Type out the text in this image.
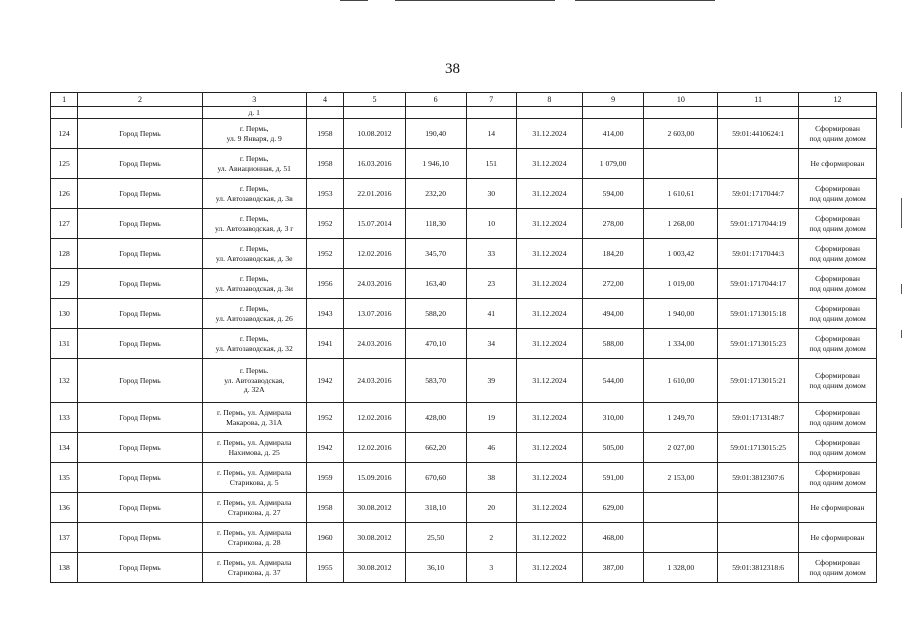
38
1	2	3	4	5	6	7	8	9	10	11	12

		д. 1									

124	Город Пермь	г. Пермь,
ул. 9 Января, д. 9	1958	10.08.2012	190,40	14	31.12.2024	414,00	2 603,00	59:01:4410624:1	Сформирован
под одним домом

125	Город Пермь	г. Пермь,
ул. Авиационная, д. 51	1958	16.03.2016	1 946,10	151	31.12.2024	1 079,00			Не сформирован

126	Город Пермь	г. Пермь,
ул. Автозаводская, д. 3в	1953	22.01.2016	232,20	30	31.12.2024	594,00	1 610,61	59:01:1717044:7	Сформирован
под одним домом

127	Город Пермь	г. Пермь,
ул. Автозаводская, д. 3 г	1952	15.07.2014	118,30	10	31.12.2024	278,00	1 268,00	59:01:1717044:19	Сформирован
под одним домом

128	Город Пермь	г. Пермь,
ул. Автозаводская, д. 3е	1952	12.02.2016	345,70	33	31.12.2024	184,20	1 003,42	59:01:1717044:3	Сформирован
под одним домом

129	Город Пермь	г. Пермь,
ул. Автозаводская, д. 3и	1956	24.03.2016	163,40	23	31.12.2024	272,00	1 019,00	59:01:1717044:17	Сформирован
под одним домом

130	Город Пермь	г. Пермь,
ул. Автозаводская, д. 26	1943	13.07.2016	588,20	41	31.12.2024	494,00	1 940,00	59:01:1713015:18	Сформирован
под одним домом

131	Город Пермь	г. Пермь,
ул. Автозаводская, д. 32	1941	24.03.2016	470,10	34	31.12.2024	588,00	1 334,00	59:01:1713015:23	Сформирован
под одним домом

132	Город Пермь	г. Пермь.
ул. Автозаводская,
д. 32А	1942	24.03.2016	583,70	39	31.12.2024	544,00	1 610,00	59:01:1713015:21	Сформирован
под одним домом

133	Город Пермь	г. Пермь, ул. Адмирала
Макарова, д. 31А	1952	12.02.2016	428,00	19	31.12.2024	310,00	1 249,70	59:01:1713148:7	Сформирован
под одним домом

134	Город Пермь	г. Пермь, ул. Адмирала
Нахимова, д. 25	1942	12.02.2016	662,20	46	31.12.2024	505,00	2 027,00	59:01:1713015:25	Сформирован
под одним домом

135	Город Пермь	г. Пермь, ул. Адмирала
Старикова, д. 5	1959	15.09.2016	670,60	38	31.12.2024	591,00	2 153,00	59:01:3812307:6	Сформирован
под одним домом

136	Город Пермь	г. Пермь, ул. Адмирала
Старикова, д. 27	1958	30.08.2012	318,10	20	31.12.2024	629,00			Не сформирован

137	Город Пермь	г. Пермь, ул. Адмирала
Старикова, д. 28	1960	30.08.2012	25,50	2	31.12.2022	468,00			Не сформирован

138	Город Пермь	г. Пермь, ул. Адмирала
Старикова, д. 37	1955	30.08.2012	36,10	3	31.12.2024	387,00	1 328,00	59:01:3812318:6	Сформирован
под одним домом
